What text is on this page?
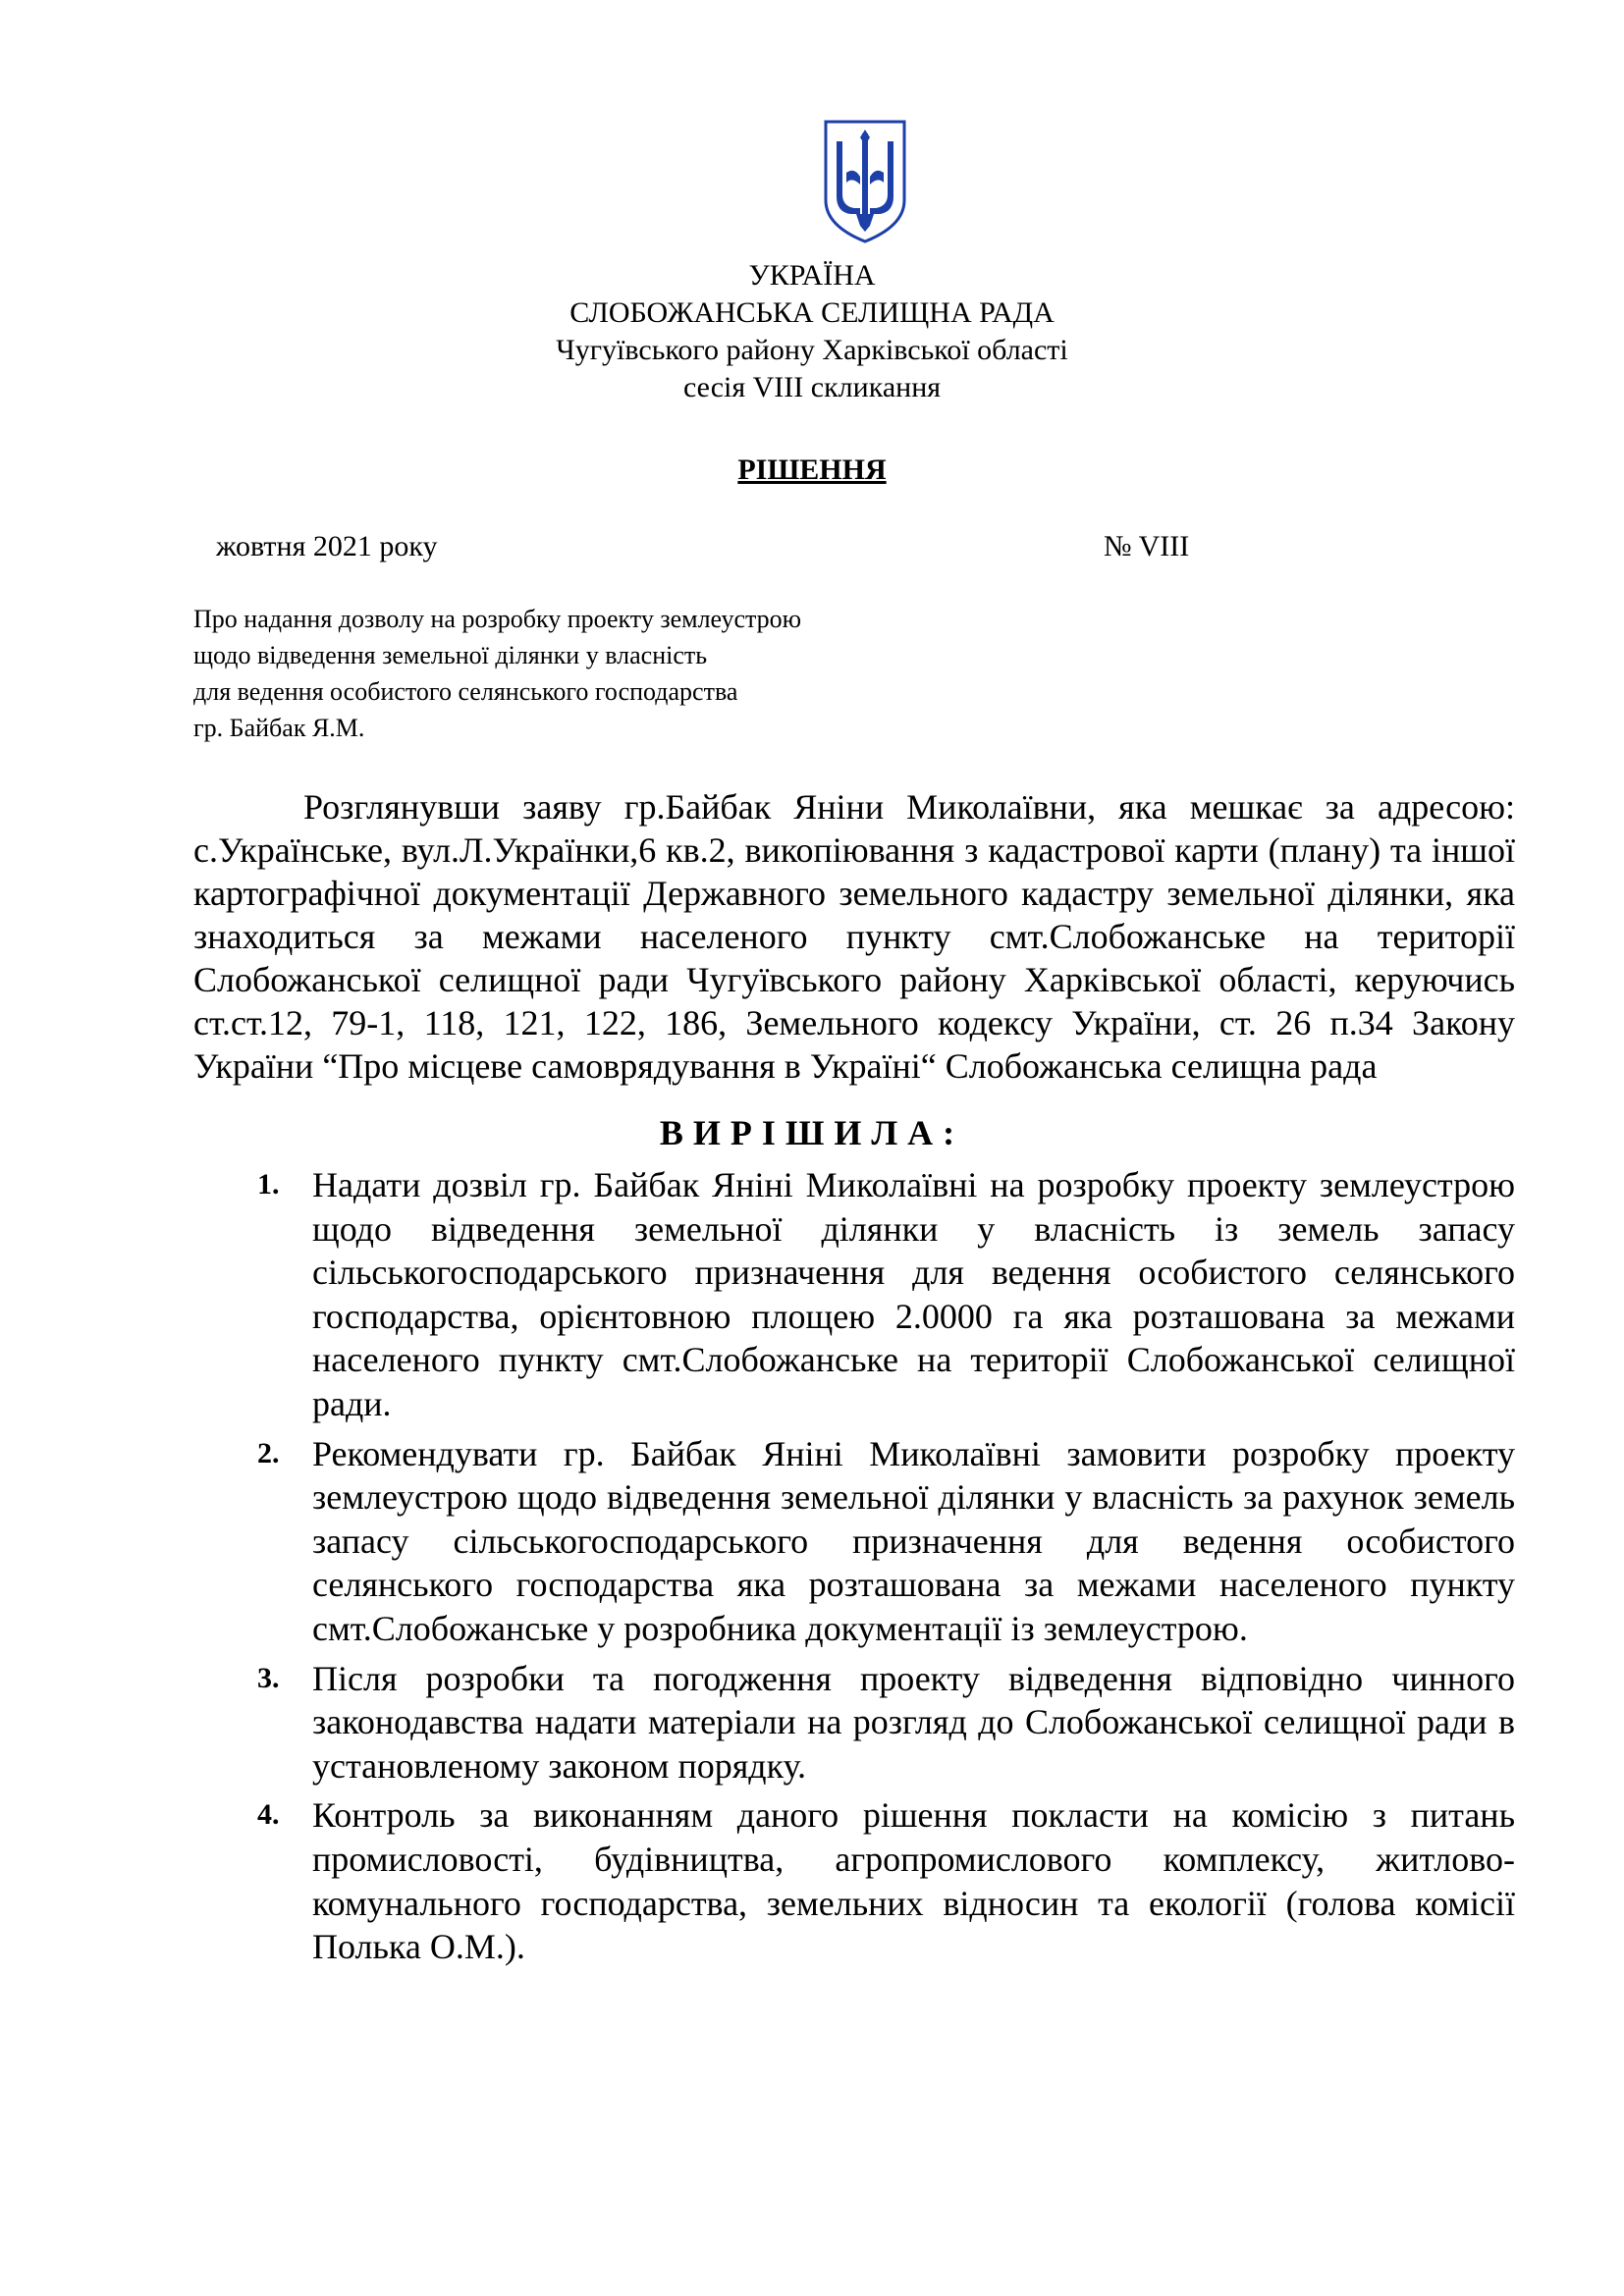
УКРАЇНА
СЛОБОЖАНСЬКА СЕЛИЩНА РАДА
Чугуївського району Харківської області
сесія VIII скликання
РІШЕННЯ
жовтня 2021 року	№ VIII
Про надання дозволу на розробку проекту землеустрою
щодо відведення земельної ділянки у власність
для ведення особистого селянського господарства
гр. Байбак Я.М.
Розглянувши заяву гр.Байбак Яніни Миколаївни, яка мешкає за адресою: с.Українське, вул.Л.Українки,6 кв.2, викопіювання з кадастрової карти (плану) та іншої картографічної документації Державного земельного кадастру земельної ділянки, яка знаходиться за межами населеного пункту смт.Слобожанське на території Слобожанської селищної ради Чугуївського району Харківської області, керуючись ст.ст.12, 79-1, 118, 121, 122, 186, Земельного кодексу України, ст. 26 п.34 Закону України “Про місцеве самоврядування в Україні“ Слобожанська селищна рада
ВИРІШИЛА:
1. Надати дозвіл гр. Байбак Яніні Миколаївні на розробку проекту землеустрою щодо відведення земельної ділянки у власність із земель запасу сільськогосподарського призначення для ведення особистого селянського господарства, орієнтовною площею 2.0000 га яка розташована за межами населеного пункту смт.Слобожанське на території Слобожанської селищної ради.
2. Рекомендувати гр. Байбак Яніні Миколаївні замовити розробку проекту землеустрою щодо відведення земельної ділянки у власність за рахунок земель запасу сільськогосподарського призначення для ведення особистого селянського господарства яка розташована за межами населеного пункту смт.Слобожанське у розробника документації із землеустрою.
3. Після розробки та погодження проекту відведення відповідно чинного законодавства надати матеріали на розгляд до Слобожанської селищної ради в установленому законом порядку.
4. Контроль за виконанням даного рішення покласти на комісію з питань промисловості, будівництва, агропромислового комплексу, житлово-комунального господарства, земельних відносин та екології (голова комісії Полька О.М.).
